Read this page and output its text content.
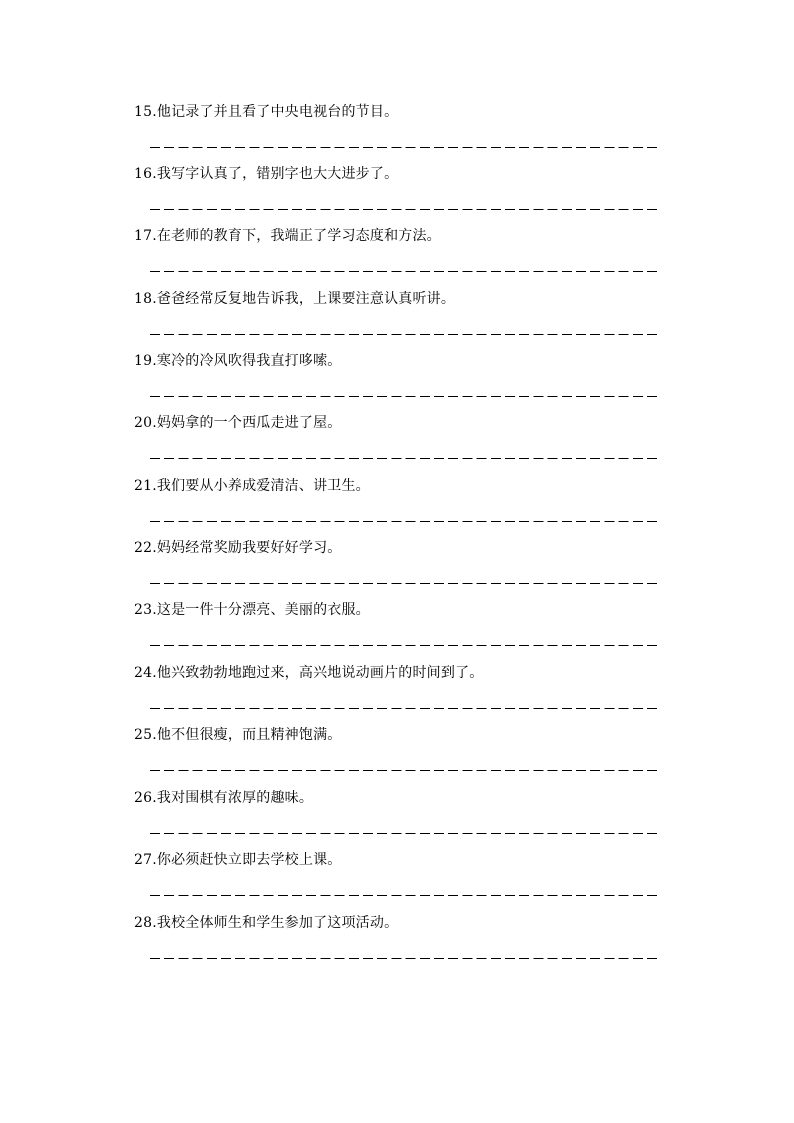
15.他记录了并且看了中央电视台的节目。
16.我写字认真了，错别字也大大进步了。
17.在老师的教育下，我端正了学习态度和方法。
18.爸爸经常反复地告诉我，上课要注意认真听讲。
19.寒冷的冷风吹得我直打哆嗦。
20.妈妈拿的一个西瓜走进了屋。
21.我们要从小养成爱清洁、讲卫生。
22.妈妈经常奖励我要好好学习。
23.这是一件十分漂亮、美丽的衣服。
24.他兴致勃勃地跑过来，高兴地说动画片的时间到了。
25.他不但很瘦，而且精神饱满。
26.我对围棋有浓厚的趣味。
27.你必须赶快立即去学校上课。
28.我校全体师生和学生参加了这项活动。
